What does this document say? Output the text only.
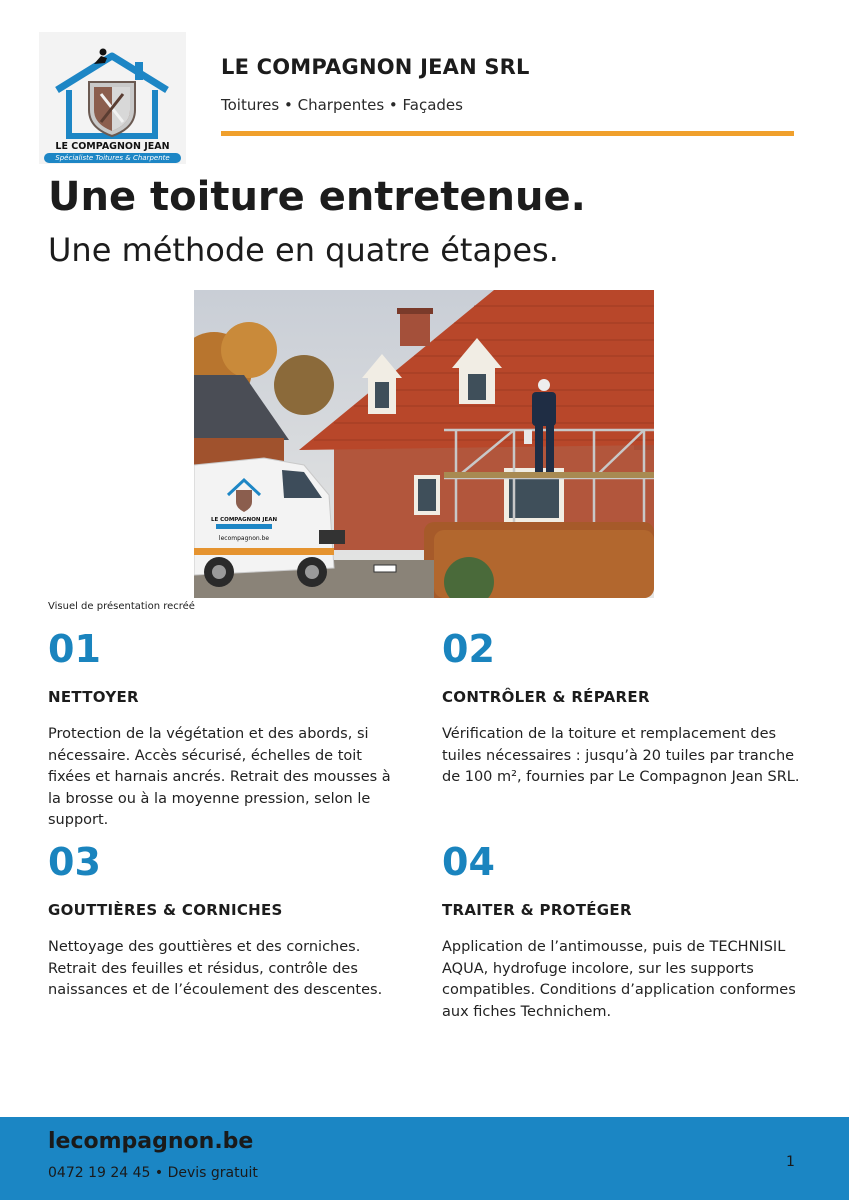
LE COMPAGNON JEAN
Spécialiste Toitures & Charpente
LE COMPAGNON JEAN SRL
Toitures • Charpentes • Façades
Une toiture entretenue.
Une méthode en quatre étapes.
LE COMPAGNON JEAN
lecompagnon.be
Visuel de présentation recréé
01
NETTOYER
Protection de la végétation et des abords, si nécessaire. Accès sécurisé, échelles de toit fixées et harnais ancrés. Retrait des mousses à la brosse ou à la moyenne pression, selon le support.
02
CONTRÔLER & RÉPARER
Vérification de la toiture et remplacement des tuiles nécessaires : jusqu’à 20 tuiles par tranche de 100 m², fournies par Le Compagnon Jean SRL.
03
GOUTTIÈRES & CORNICHES
Nettoyage des gouttières et des corniches. Retrait des feuilles et résidus, contrôle des naissances et de l’écoulement des descentes.
04
TRAITER & PROTÉGER
Application de l’antimousse, puis de TECHNISIL AQUA, hydrofuge incolore, sur les supports compatibles. Conditions d’application conformes aux fiches Technichem.
lecompagnon.be
0472 19 24 45 • Devis gratuit
1
